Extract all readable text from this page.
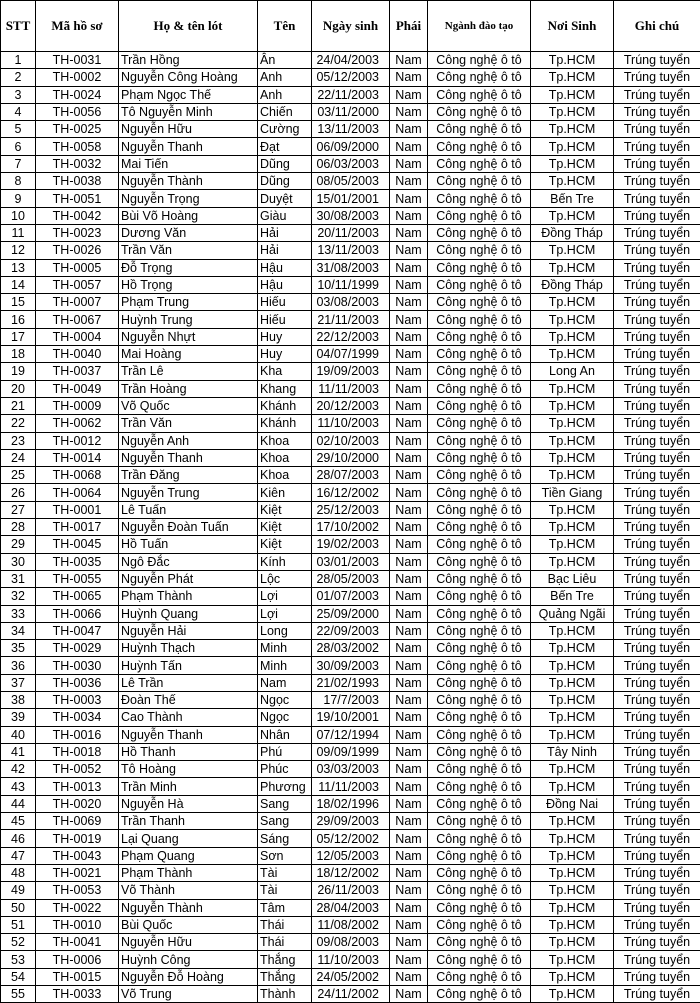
STT	Mã hồ sơ	Họ & tên lót	Tên	Ngày sinh	Phái	Ngành đào tạo	Nơi Sinh	Ghi chú
1	TH-0031	Trần Hồng	Ân	24/04/2003	Nam	Công nghệ ô tô	Tp.HCM	Trúng tuyển
2	TH-0002	Nguyễn Công Hoàng	Anh	05/12/2003	Nam	Công nghệ ô tô	Tp.HCM	Trúng tuyển
3	TH-0024	Phạm Ngọc Thế	Anh	22/11/2003	Nam	Công nghệ ô tô	Tp.HCM	Trúng tuyển
4	TH-0056	Tô Nguyễn Minh	Chiến	03/11/2000	Nam	Công nghệ ô tô	Tp.HCM	Trúng tuyển
5	TH-0025	Nguyễn Hữu	Cường	13/11/2003	Nam	Công nghệ ô tô	Tp.HCM	Trúng tuyển
6	TH-0058	Nguyễn Thanh	Đạt	06/09/2000	Nam	Công nghệ ô tô	Tp.HCM	Trúng tuyển
7	TH-0032	Mai Tiến	Dũng	06/03/2003	Nam	Công nghệ ô tô	Tp.HCM	Trúng tuyển
8	TH-0038	Nguyễn Thành	Dũng	08/05/2003	Nam	Công nghệ ô tô	Tp.HCM	Trúng tuyển
9	TH-0051	Nguyễn Trọng	Duyệt	15/01/2001	Nam	Công nghệ ô tô	Bến Tre	Trúng tuyển
10	TH-0042	Bùi Võ Hoàng	Giàu	30/08/2003	Nam	Công nghệ ô tô	Tp.HCM	Trúng tuyển
11	TH-0023	Dương Văn	Hải	20/11/2003	Nam	Công nghệ ô tô	Đồng Tháp	Trúng tuyển
12	TH-0026	Trần Văn	Hải	13/11/2003	Nam	Công nghệ ô tô	Tp.HCM	Trúng tuyển
13	TH-0005	Đỗ Trọng	Hậu	31/08/2003	Nam	Công nghệ ô tô	Tp.HCM	Trúng tuyển
14	TH-0057	Hồ Trọng	Hậu	10/11/1999	Nam	Công nghệ ô tô	Đồng Tháp	Trúng tuyển
15	TH-0007	Phạm Trung	Hiếu	03/08/2003	Nam	Công nghệ ô tô	Tp.HCM	Trúng tuyển
16	TH-0067	Huỳnh Trung	Hiếu	21/11/2003	Nam	Công nghệ ô tô	Tp.HCM	Trúng tuyển
17	TH-0004	Nguyễn Nhựt	Huy	22/12/2003	Nam	Công nghệ ô tô	Tp.HCM	Trúng tuyển
18	TH-0040	Mai Hoàng	Huy	04/07/1999	Nam	Công nghệ ô tô	Tp.HCM	Trúng tuyển
19	TH-0037	Trần Lê	Kha	19/09/2003	Nam	Công nghệ ô tô	Long An	Trúng tuyển
20	TH-0049	Trần Hoàng	Khang	11/11/2003	Nam	Công nghệ ô tô	Tp.HCM	Trúng tuyển
21	TH-0009	Võ Quốc	Khánh	20/12/2003	Nam	Công nghệ ô tô	Tp.HCM	Trúng tuyển
22	TH-0062	Trần Văn	Khánh	11/10/2003	Nam	Công nghệ ô tô	Tp.HCM	Trúng tuyển
23	TH-0012	Nguyễn Anh	Khoa	02/10/2003	Nam	Công nghệ ô tô	Tp.HCM	Trúng tuyển
24	TH-0014	Nguyễn Thanh	Khoa	29/10/2000	Nam	Công nghệ ô tô	Tp.HCM	Trúng tuyển
25	TH-0068	Trần Đăng	Khoa	28/07/2003	Nam	Công nghệ ô tô	Tp.HCM	Trúng tuyển
26	TH-0064	Nguyễn Trung	Kiên	16/12/2002	Nam	Công nghệ ô tô	Tiền Giang	Trúng tuyển
27	TH-0001	Lê Tuấn	Kiệt	25/12/2003	Nam	Công nghệ ô tô	Tp.HCM	Trúng tuyển
28	TH-0017	Nguyễn Đoàn Tuấn	Kiệt	17/10/2002	Nam	Công nghệ ô tô	Tp.HCM	Trúng tuyển
29	TH-0045	Hồ Tuấn	Kiệt	19/02/2003	Nam	Công nghệ ô tô	Tp.HCM	Trúng tuyển
30	TH-0035	Ngô Đắc	Kính	03/01/2003	Nam	Công nghệ ô tô	Tp.HCM	Trúng tuyển
31	TH-0055	Nguyễn Phát	Lộc	28/05/2003	Nam	Công nghệ ô tô	Bạc Liêu	Trúng tuyển
32	TH-0065	Phạm Thành	Lợi	01/07/2003	Nam	Công nghệ ô tô	Bến Tre	Trúng tuyển
33	TH-0066	Huỳnh Quang	Lợi	25/09/2000	Nam	Công nghệ ô tô	Quảng Ngãi	Trúng tuyển
34	TH-0047	Nguyễn Hải	Long	22/09/2003	Nam	Công nghệ ô tô	Tp.HCM	Trúng tuyển
35	TH-0029	Huỳnh Thạch	Minh	28/03/2002	Nam	Công nghệ ô tô	Tp.HCM	Trúng tuyển
36	TH-0030	Huỳnh Tấn	Minh	30/09/2003	Nam	Công nghệ ô tô	Tp.HCM	Trúng tuyển
37	TH-0036	Lê Trần	Nam	21/02/1993	Nam	Công nghệ ô tô	Tp.HCM	Trúng tuyển
38	TH-0003	Đoàn Thế	Ngọc	17/7/2003	Nam	Công nghệ ô tô	Tp.HCM	Trúng tuyển
39	TH-0034	Cao Thành	Ngọc	19/10/2001	Nam	Công nghệ ô tô	Tp.HCM	Trúng tuyển
40	TH-0016	Nguyễn Thanh	Nhân	07/12/1994	Nam	Công nghệ ô tô	Tp.HCM	Trúng tuyển
41	TH-0018	Hồ Thanh	Phú	09/09/1999	Nam	Công nghệ ô tô	Tây Ninh	Trúng tuyển
42	TH-0052	Tô Hoàng	Phúc	03/03/2003	Nam	Công nghệ ô tô	Tp.HCM	Trúng tuyển
43	TH-0013	Trần Minh	Phương	11/11/2003	Nam	Công nghệ ô tô	Tp.HCM	Trúng tuyển
44	TH-0020	Nguyễn Hà	Sang	18/02/1996	Nam	Công nghệ ô tô	Đồng Nai	Trúng tuyển
45	TH-0069	Trần Thanh	Sang	29/09/2003	Nam	Công nghệ ô tô	Tp.HCM	Trúng tuyển
46	TH-0019	Lại Quang	Sáng	05/12/2002	Nam	Công nghệ ô tô	Tp.HCM	Trúng tuyển
47	TH-0043	Phạm Quang	Sơn	12/05/2003	Nam	Công nghệ ô tô	Tp.HCM	Trúng tuyển
48	TH-0021	Phạm Thành	Tài	18/12/2002	Nam	Công nghệ ô tô	Tp.HCM	Trúng tuyển
49	TH-0053	Võ Thành	Tài	26/11/2003	Nam	Công nghệ ô tô	Tp.HCM	Trúng tuyển
50	TH-0022	Nguyễn Thành	Tâm	28/04/2003	Nam	Công nghệ ô tô	Tp.HCM	Trúng tuyển
51	TH-0010	Bùi Quốc	Thái	11/08/2002	Nam	Công nghệ ô tô	Tp.HCM	Trúng tuyển
52	TH-0041	Nguyễn Hữu	Thái	09/08/2003	Nam	Công nghệ ô tô	Tp.HCM	Trúng tuyển
53	TH-0006	Huỳnh Công	Thắng	11/10/2003	Nam	Công nghệ ô tô	Tp.HCM	Trúng tuyển
54	TH-0015	Nguyễn Đỗ Hoàng	Thắng	24/05/2002	Nam	Công nghệ ô tô	Tp.HCM	Trúng tuyển
55	TH-0033	Võ Trung	Thành	24/11/2002	Nam	Công nghệ ô tô	Tp.HCM	Trúng tuyển
